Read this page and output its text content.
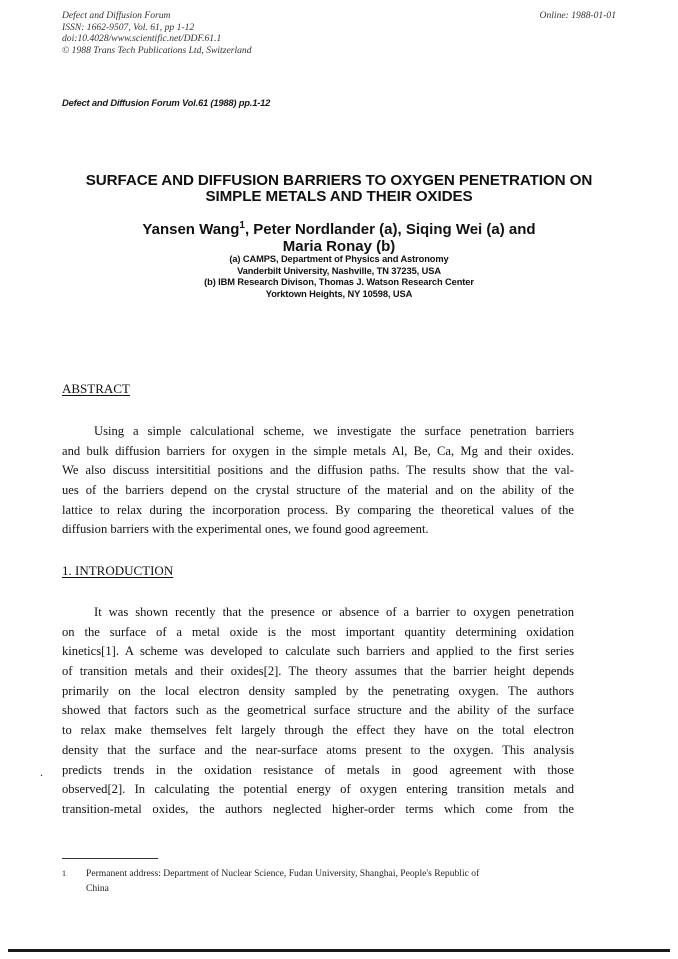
Defect and Diffusion Forum
ISSN: 1662-9507, Vol. 61, pp 1-12
doi:10.4028/www.scientific.net/DDF.61.1
© 1988 Trans Tech Publications Ltd, Switzerland
Online: 1988-01-01
Defect and Diffusion Forum Vol.61 (1988) pp.1-12
SURFACE AND DIFFUSION BARRIERS TO OXYGEN PENETRATION ON
SIMPLE METALS AND THEIR OXIDES
Yansen Wang$^1$, Peter Nordlander (a), Siqing Wei (a) and
Maria Ronay (b)
(a) CAMPS, Department of Physics and Astronomy
Vanderbilt University, Nashville, TN 37235, USA
(b) IBM Research Divison, Thomas J. Watson Research Center
Yorktown Heights, NY 10598, USA
ABSTRACT
Using a simple calculational scheme, we investigate the surface penetration barriers
and bulk diffusion barriers for oxygen in the simple metals Al, Be, Ca, Mg and their oxides.
We also discuss intersititial positions and the diffusion paths. The results show that the val-
ues of the barriers depend on the crystal structure of the material and on the ability of the
lattice to relax during the incorporation process. By comparing the theoretical values of the
diffusion barriers with the experimental ones, we found good agreement.
1. INTRODUCTION
It was shown recently that the presence or absence of a barrier to oxygen penetration
on the surface of a metal oxide is the most important quantity determining oxidation
kinetics[1]. A scheme was developed to calculate such barriers and applied to the first series
of transition metals and their oxides[2]. The theory assumes that the barrier height depends
primarily on the local electron density sampled by the penetrating oxygen. The authors
showed that factors such as the geometrical surface structure and the ability of the surface
to relax make themselves felt largely through the effect they have on the total electron
density that the surface and the near-surface atoms present to the oxygen. This analysis
predicts trends in the oxidation resistance of metals in good agreement with those
observed[2]. In calculating the potential energy of oxygen entering transition metals and
transition-metal oxides, the authors neglected higher-order terms which come from the
.
1 Permanent address: Department of Nuclear Science, Fudan University, Shanghai, People's Republic of
China
